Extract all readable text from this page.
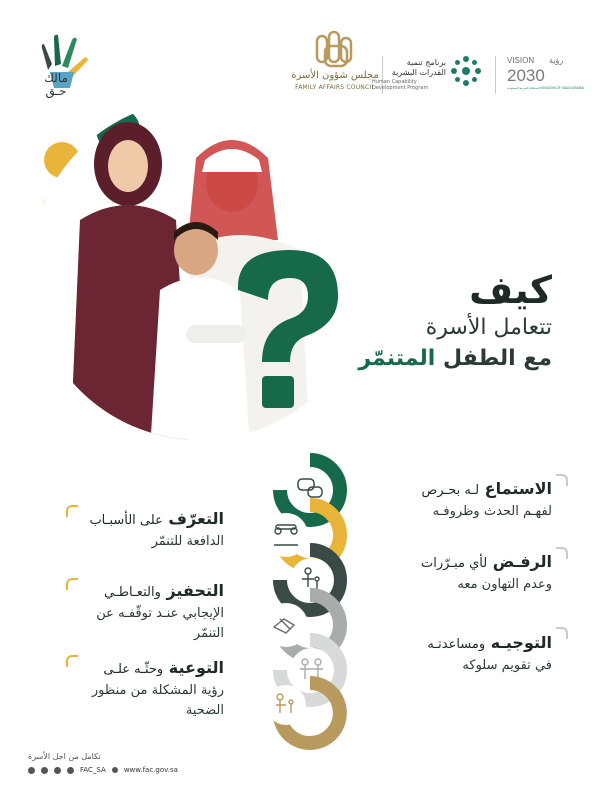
مالك حـق
مجلس شؤون الأسرة
FAMILY AFFAIRS COUNCIL
برنامج تنمية القدرات البشرية
Human Capability Development Program
VISION رؤية
2030
المملكة العربية السعودية KINGDOM OF SAUDI ARABIA
كيف
تتعامل الأسرة
مع الطفل المتنمّر
الاستماع لـه بحـرص
لفهـم الحدث وظروفـه
الرفـض لأي مبـرّرات
وعدم التهاون معه
التوجيـه ومساعدتـه
في تقويم سلوكه
التعرّف على الأسبـاب
الدافعة للتنمّر
التحفيز والتعـاطـي
الإيجابي عنـد توقّفـه عن التنمّر
التوعية وحثّـه علـى
رؤية المشكلة من منظور الضحية
تكامل من اجل الأسرة
FAC_SA	www.fac.gov.sa
